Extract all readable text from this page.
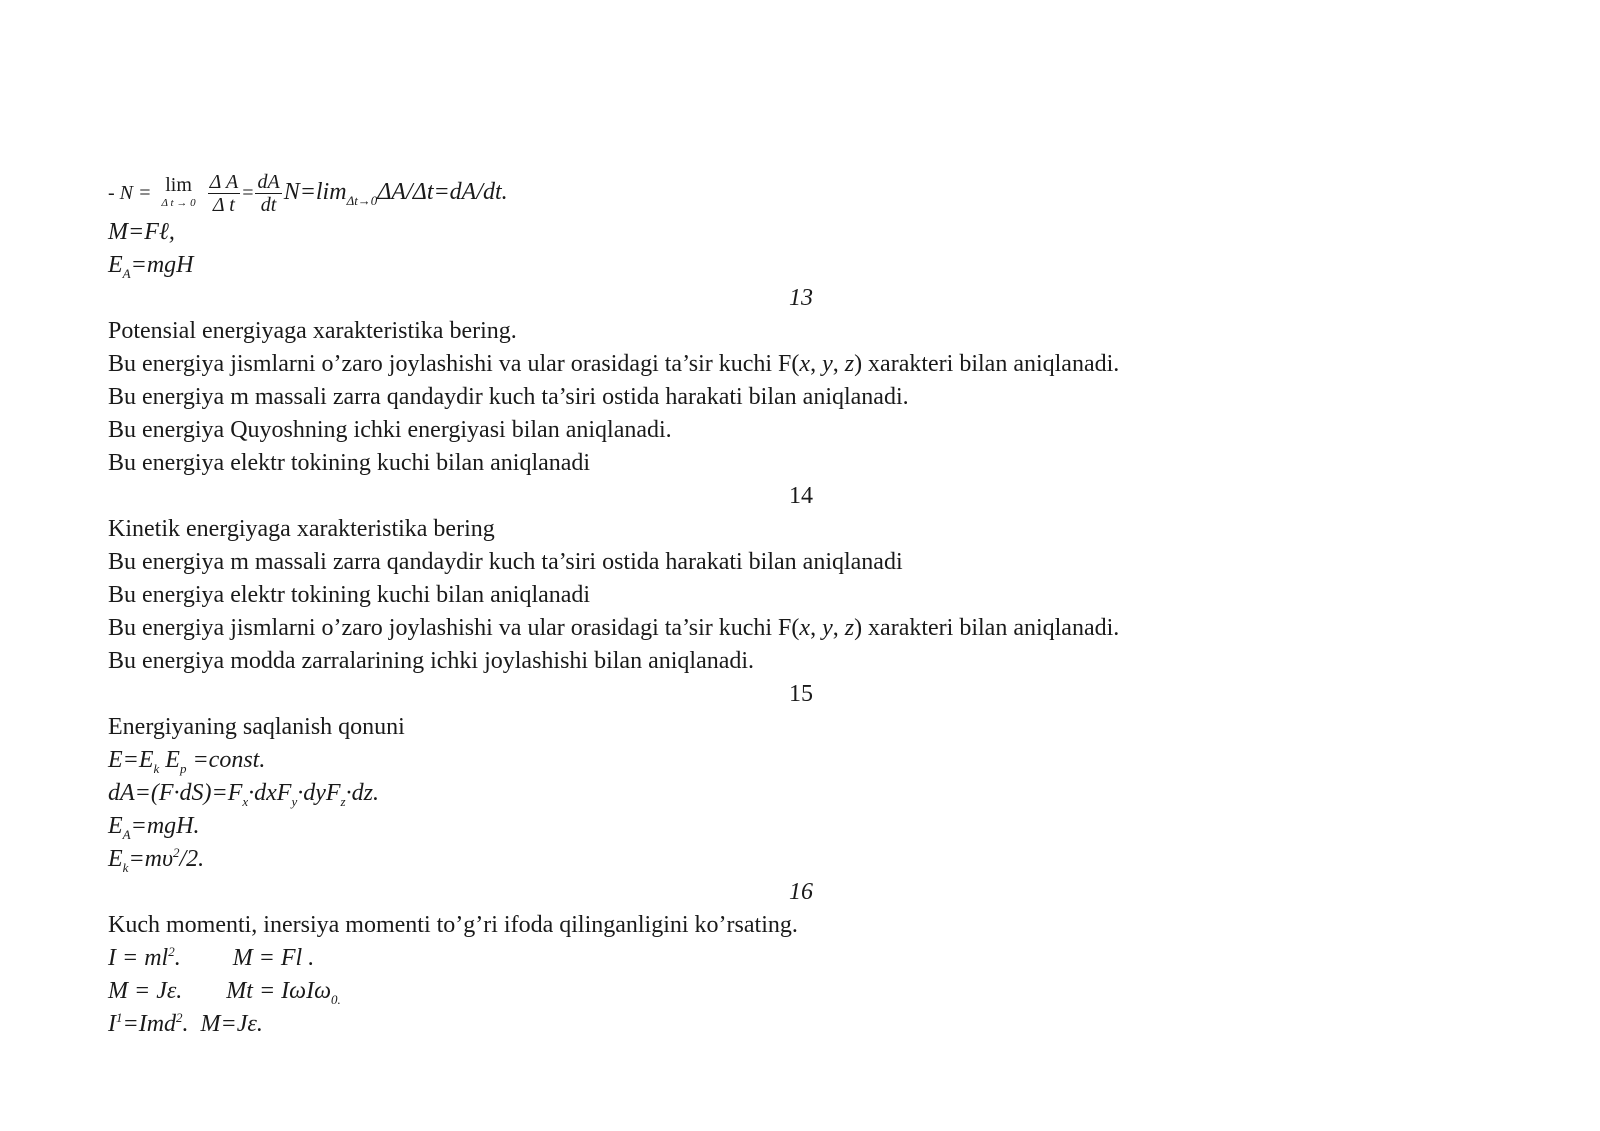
- N = lim
Δ t → 0
$\frac{\text{Δ A}}{\text{Δ t}} = \frac{dA}{dt} N=\lim_{\Delta t\to 0}\Delta A/\Delta t=dA/dt$.
M=Fℓ,
$E_A=mgH$
13
Potensial energiyaga xarakteristika bering.
Bu energiya jismlarni o’zaro joylashishi va ular orasidagi ta’sir kuchi F(x, y, z) xarakteri bilan aniqlanadi.
Bu energiya m massali zarra qandaydir kuch ta’siri ostida harakati bilan aniqlanadi.
Bu energiya Quyoshning ichki energiyasi bilan aniqlanadi.
Bu energiya elektr tokining kuchi bilan aniqlanadi
14
Kinetik energiyaga xarakteristika bering
Bu energiya m massali zarra qandaydir kuch ta’siri ostida harakati bilan aniqlanadi
Bu energiya elektr tokining kuchi bilan aniqlanadi
Bu energiya jismlarni o’zaro joylashishi va ular orasidagi ta’sir kuchi F(x, y, z) xarakteri bilan aniqlanadi.
Bu energiya modda zarralarining ichki joylashishi bilan aniqlanadi.
15
Energiyaning saqlanish qonuni
$E=E_k$ $E_p$ =const.
$dA=(F\cdot dS)=F_x\cdot dxF_y\cdot dyF_z\cdot dz$.
$E_A=mgH$.
$E_k=m\upsilon^2/2$.
16
Kuch momenti, inersiya momenti to’g’ri ifoda qilinganligini ko’rsating.
$I = ml^2$. M = Fl .
M = Jε. Mt = IωIω$_{0.}$
$I^1=Imd^2$.  M=Jε.
